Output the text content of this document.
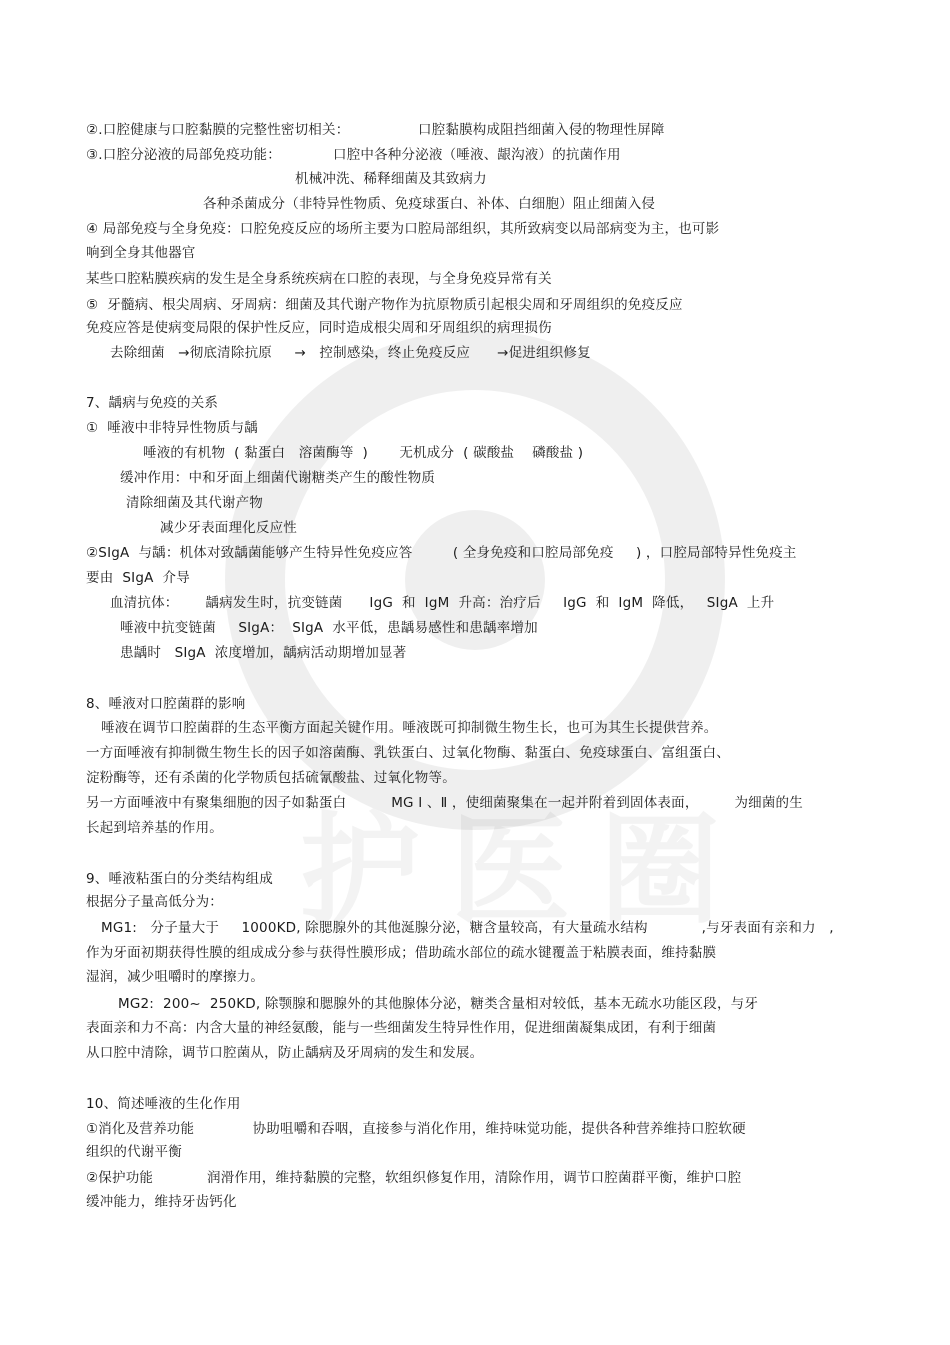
②.口腔健康与口腔黏膜的完整性密切相关：	口腔黏膜构成阻挡细菌入侵的物理性屏障
③.口腔分泌液的局部免疫功能：	口腔中各种分泌液（唾液、龈沟液）的抗菌作用
机械冲洗、稀释细菌及其致病力
各种杀菌成分（非特异性物质、免疫球蛋白、补体、白细胞）阻止细菌入侵
④ 局部免疫与全身免疫：口腔免疫反应的场所主要为口腔局部组织，其所致病变以局部病变为主，也可影
响到全身其他器官
某些口腔粘膜疾病的发生是全身系统疾病在口腔的表现，与全身免疫异常有关
⑤  牙髓病、根尖周病、牙周病：细菌及其代谢产物作为抗原物质引起根尖周和牙周组织的免疫反应
免疫应答是使病变局限的保护性反应，同时造成根尖周和牙周组织的病理损伤
去除细菌   →彻底清除抗原     →   控制感染，终止免疫反应      →促进组织修复
7、龋病与免疫的关系
①  唾液中非特异性物质与龋
唾液的有机物  ( 黏蛋白   溶菌酶等  )       无机成分  ( 碳酸盐    磷酸盐 )
缓冲作用：中和牙面上细菌代谢糖类产生的酸性物质
清除细菌及其代谢产物
减少牙表面理化反应性
②SIgA  与龋：机体对致龋菌能够产生特异性免疫应答         ( 全身免疫和口腔局部免疫     ) ，口腔局部特异性免疫主
要由  SIgA  介导
血清抗体：      龋病发生时，抗变链菌      IgG  和  IgM  升高：治疗后     IgG  和  IgM  降低，   SIgA  上升
唾液中抗变链菌     SIgA：  SIgA  水平低，患龋易感性和患龋率增加
患龋时   SIgA  浓度增加，龋病活动期增加显著
8、唾液对口腔菌群的影响
唾液在调节口腔菌群的生态平衡方面起关键作用。唾液既可抑制微生物生长，也可为其生长提供营养。
一方面唾液有抑制微生物生长的因子如溶菌酶、乳铁蛋白、过氧化物酶、黏蛋白、免疫球蛋白、富组蛋白、
淀粉酶等，还有杀菌的化学物质包括硫氰酸盐、过氧化物等。
另一方面唾液中有聚集细胞的因子如黏蛋白          MG Ⅰ 、Ⅱ ，使细菌聚集在一起并附着到固体表面，        为细菌的生
长起到培养基的作用。
9、唾液粘蛋白的分类结构组成
根据分子量高低分为：
MG1:   分子量大于     1000KD, 除腮腺外的其他涎腺分泌，糖含量较高，有大量疏水结构            ,与牙表面有亲和力   ,
作为牙面初期获得性膜的组成成分参与获得性膜形成；借助疏水部位的疏水键覆盖于粘膜表面，维持黏膜
湿润，减少咀嚼时的摩擦力。
MG2:  200~  250KD, 除颚腺和腮腺外的其他腺体分泌，糖类含量相对较低，基本无疏水功能区段，与牙
表面亲和力不高：内含大量的神经氨酸，能与一些细菌发生特异性作用，促进细菌凝集成团，有利于细菌
从口腔中清除，调节口腔菌从，防止龋病及牙周病的发生和发展。
10、简述唾液的生化作用
①消化及营养功能             协助咀嚼和吞咽，直接参与消化作用，维持味觉功能，提供各种营养维持口腔软硬
组织的代谢平衡
②保护功能            润滑作用，维持黏膜的完整，软组织修复作用，清除作用，调节口腔菌群平衡，维护口腔
缓冲能力，维持牙齿钙化
